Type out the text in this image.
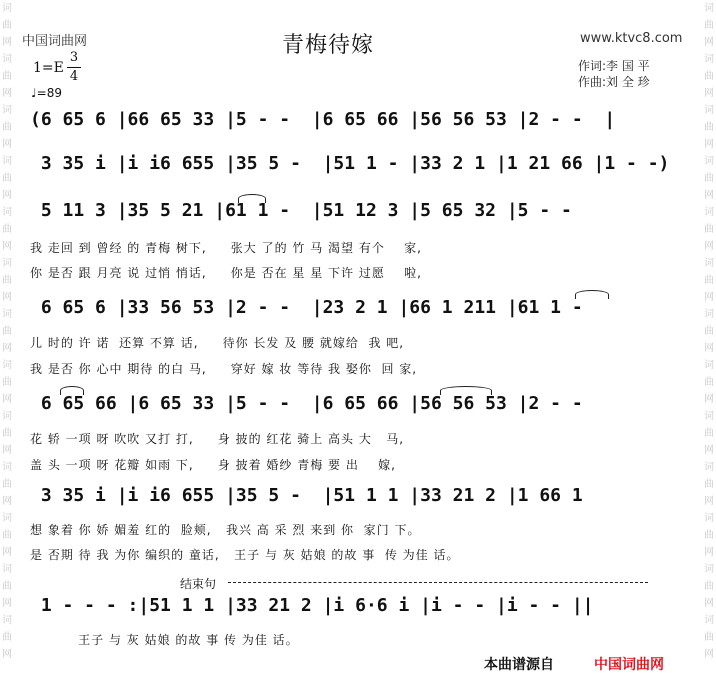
词
曲
网
词
曲
网
词
曲
网
词
曲
网
词
曲
网
词
曲
网
词
曲
网
词
曲
网
词
曲
网
词
曲
网
词
曲
网
词
曲
网
词
曲
网
词
曲
网
词
曲
网
词
曲
网
词
曲
网
词
曲
网
词
曲
网
词
曲
网
词
曲
网
词
曲
网
词
曲
网
词
曲
网
词
曲
网
词
曲
网
中国词曲网	青梅待嫁	www.ktvc8.com
1=E
3
4
♩=89
作词:李 国 平
作曲:刘 全 珍
(6 65 6 |66 65 33 |5 - -  |6 65 66 |56 56 53 |2 - -  |
3 35 i |i i6 655 |35 5 -  |51 1 - |33 2 1 |1 21 66 |1 - -)
5 11 3 |35 5 21 |61 1 -  |51 12 3 |5 65 32 |5 - -
我 走回 到 曾经 的 青梅 树下,     张大 了的 竹 马 渴望 有个    家,
你 是否 跟 月亮 说 过悄 悄话,     你是 否在 星 星 下许 过愿    啦,
6 65 6 |33 56 53 |2 - -  |23 2 1 |66 1 211 |61 1 -
儿 时的 许 诺  还算 不算 话,     待你 长发 及 腰 就嫁给  我 吧,
我 是否 你 心中 期待 的白 马,     穿好 嫁 妆 等待 我 娶你  回 家,
6 65 66 |6 65 33 |5 - -  |6 65 66 |56 56 53 |2 - -
花 轿 一项 呀 吹吹 又打 打,     身 披的 红花 骑上 高头 大   马,
盖 头 一项 呀 花瓣 如雨 下,     身 披着 婚纱 青梅 要 出    嫁,
3 35 i |i i6 655 |35 5 -  |51 1 1 |33 21 2 |1 66 1
想 象着 你 娇 媚羞 红的  脸颊,   我兴 高 采 烈 来到 你  家门 下。
是 否期 待 我 为你 编织的 童话,   王子 与 灰 姑娘 的故 事  传 为佳 话。
结束句
1 - - - :|51 1 1 |33 21 2 |i 6·6 i |i - - |i - - ||
王子 与 灰 姑娘 的故 事 传 为佳 话。
本曲谱源自	中国词曲网
